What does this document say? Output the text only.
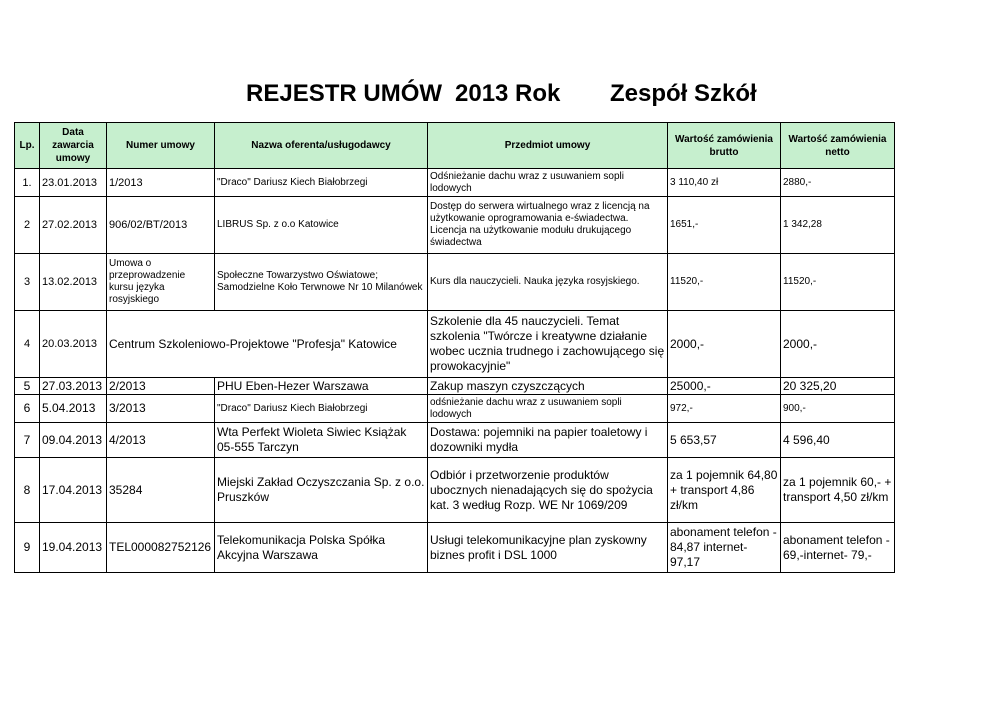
REJESTR UMÓW 2013 Rok Zespół Szkół
Lp.	Data zawarcia umowy	Numer umowy	Nazwa oferenta/usługodawcy	Przedmiot umowy	Wartość zamówienia brutto	Wartość zamówienia netto
1.	23.01.2013	1/2013	"Draco" Dariusz Kiech Białobrzegi	Odśnieżanie dachu wraz z usuwaniem sopli lodowych	3 110,40 zł	2880,-
2	27.02.2013	906/02/BT/2013	LIBRUS Sp. z o.o Katowice	Dostęp do serwera wirtualnego wraz z licencją na użytkowanie oprogramowania e-świadectwa. Licencja na użytkowanie modułu drukującego świadectwa	1651,-	1 342,28
3	13.02.2013	Umowa o przeprowadzenie kursu języka rosyjskiego	Społeczne Towarzystwo Oświatowe; Samodzielne Koło Terwnowe Nr 10 Milanówek	Kurs dla nauczycieli. Nauka języka rosyjskiego.	11520,-	11520,-
4	20.03.2013	Centrum Szkoleniowo-Projektowe "Profesja" Katowice		Szkolenie dla 45 nauczycieli. Temat szkolenia "Twórcze i kreatywne działanie wobec ucznia trudnego i zachowującego się prowokacyjnie"	2000,-	2000,-
5	27.03.2013	2/2013	PHU Eben-Hezer Warszawa	Zakup maszyn czyszczących	25000,-	20 325,20
6	5.04.2013	3/2013	"Draco" Dariusz Kiech Białobrzegi	odśnieżanie dachu wraz z usuwaniem sopli lodowych	972,-	900,-
7	09.04.2013	4/2013	Wta Perfekt Wioleta Siwiec Książak 05-555 Tarczyn	Dostawa: pojemniki na papier toaletowy i dozowniki mydła	5 653,57	4 596,40
8	17.04.2013	35284	Miejski Zakład Oczyszczania Sp. z o.o. Pruszków	Odbiór i przetworzenie produktów ubocznych nienadających się do spożycia kat. 3 według Rozp. WE Nr 1069/209	za 1 pojemnik 64,80 + transport 4,86 zł/km	za 1 pojemnik 60,- + transport 4,50 zł/km
9	19.04.2013	TEL000082752126	Telekomunikacja Polska Spółka Akcyjna Warszawa	Usługi telekomunikacyjne plan zyskowny biznes profit i DSL 1000	abonament telefon - 84,87 internet- 97,17	abonament telefon - 69,-internet- 79,-
